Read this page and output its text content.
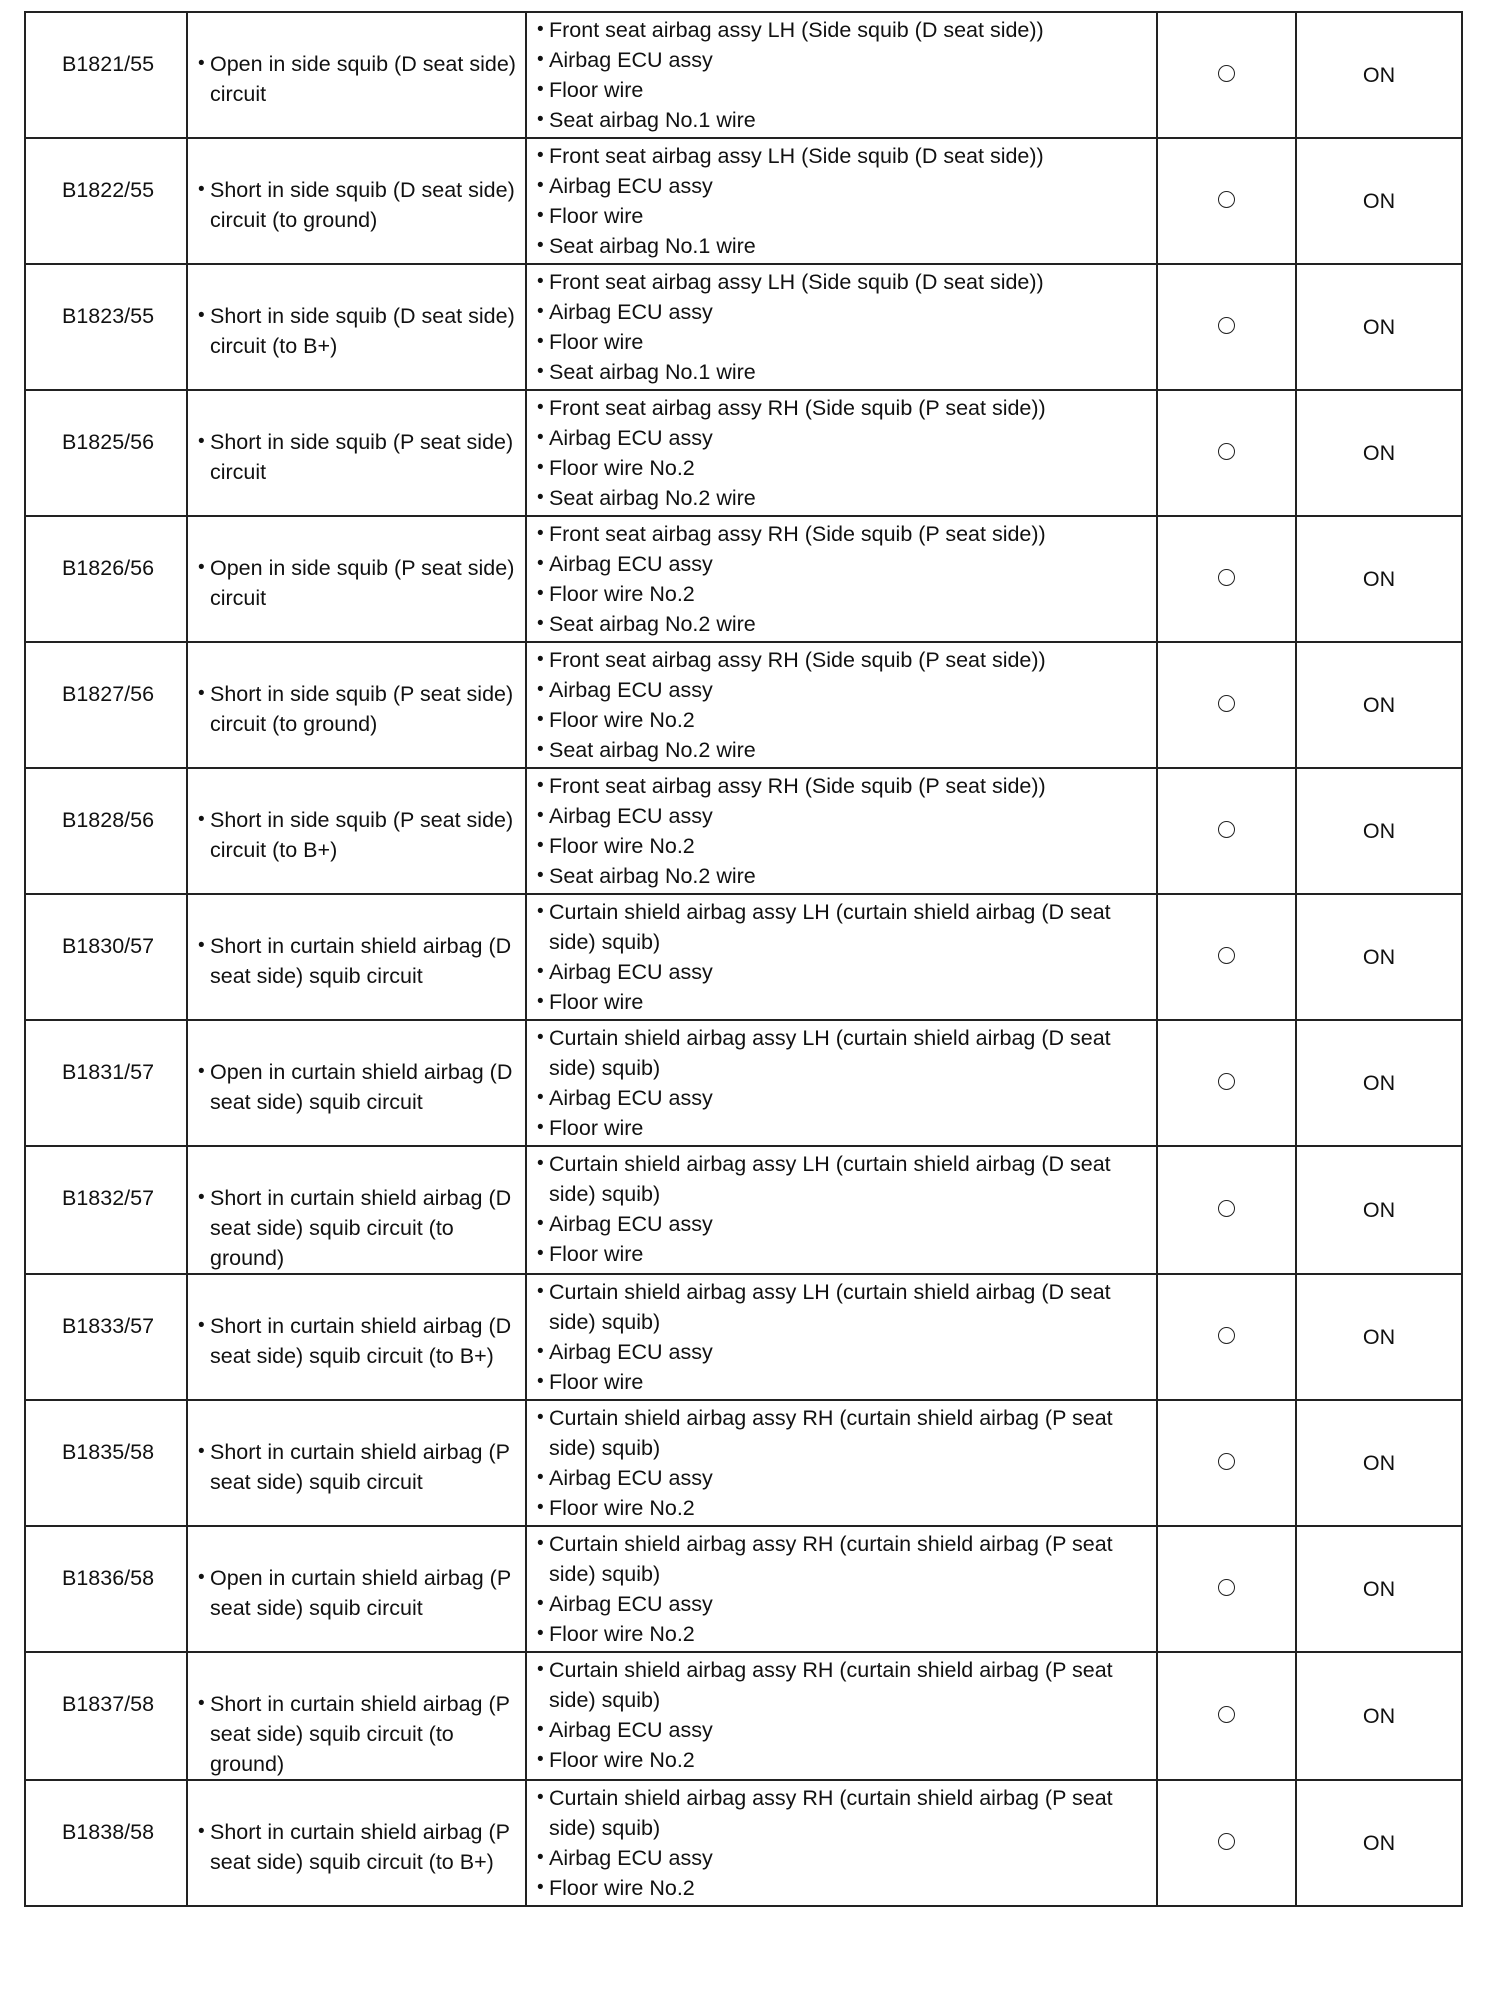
B1821/55	• Open in side squib (D seat side) circuit	• Front seat airbag assy LH (Side squib (D seat side))
• Airbag ECU assy
• Floor wire
• Seat airbag No.1 wire		ON

B1822/55	• Short in side squib (D seat side) circuit (to ground)	• Front seat airbag assy LH (Side squib (D seat side))
• Airbag ECU assy
• Floor wire
• Seat airbag No.1 wire		ON

B1823/55	• Short in side squib (D seat side) circuit (to B+)	• Front seat airbag assy LH (Side squib (D seat side))
• Airbag ECU assy
• Floor wire
• Seat airbag No.1 wire		ON

B1825/56	• Short in side squib (P seat side) circuit	• Front seat airbag assy RH (Side squib (P seat side))
• Airbag ECU assy
• Floor wire No.2
• Seat airbag No.2 wire		ON

B1826/56	• Open in side squib (P seat side) circuit	• Front seat airbag assy RH (Side squib (P seat side))
• Airbag ECU assy
• Floor wire No.2
• Seat airbag No.2 wire		ON

B1827/56	• Short in side squib (P seat side) circuit (to ground)	• Front seat airbag assy RH (Side squib (P seat side))
• Airbag ECU assy
• Floor wire No.2
• Seat airbag No.2 wire		ON

B1828/56	• Short in side squib (P seat side) circuit (to B+)	• Front seat airbag assy RH (Side squib (P seat side))
• Airbag ECU assy
• Floor wire No.2
• Seat airbag No.2 wire		ON

B1830/57	• Short in curtain shield airbag (D seat side) squib circuit	• Curtain shield airbag assy LH (curtain shield airbag (D seat side) squib)
• Airbag ECU assy
• Floor wire		ON

B1831/57	• Open in curtain shield airbag (D seat side) squib circuit	• Curtain shield airbag assy LH (curtain shield airbag (D seat side) squib)
• Airbag ECU assy
• Floor wire		ON

B1832/57	• Short in curtain shield airbag (D seat side) squib circuit (to ground)	• Curtain shield airbag assy LH (curtain shield airbag (D seat side) squib)
• Airbag ECU assy
• Floor wire		ON

B1833/57	• Short in curtain shield airbag (D seat side) squib circuit (to B+)	• Curtain shield airbag assy LH (curtain shield airbag (D seat side) squib)
• Airbag ECU assy
• Floor wire		ON

B1835/58	• Short in curtain shield airbag (P seat side) squib circuit	• Curtain shield airbag assy RH (curtain shield airbag (P seat side) squib)
• Airbag ECU assy
• Floor wire No.2		ON

B1836/58	• Open in curtain shield airbag (P seat side) squib circuit	• Curtain shield airbag assy RH (curtain shield airbag (P seat side) squib)
• Airbag ECU assy
• Floor wire No.2		ON

B1837/58	• Short in curtain shield airbag (P seat side) squib circuit (to ground)	• Curtain shield airbag assy RH (curtain shield airbag (P seat side) squib)
• Airbag ECU assy
• Floor wire No.2		ON

B1838/58	• Short in curtain shield airbag (P seat side) squib circuit (to B+)	• Curtain shield airbag assy RH (curtain shield airbag (P seat side) squib)
• Airbag ECU assy
• Floor wire No.2		ON
